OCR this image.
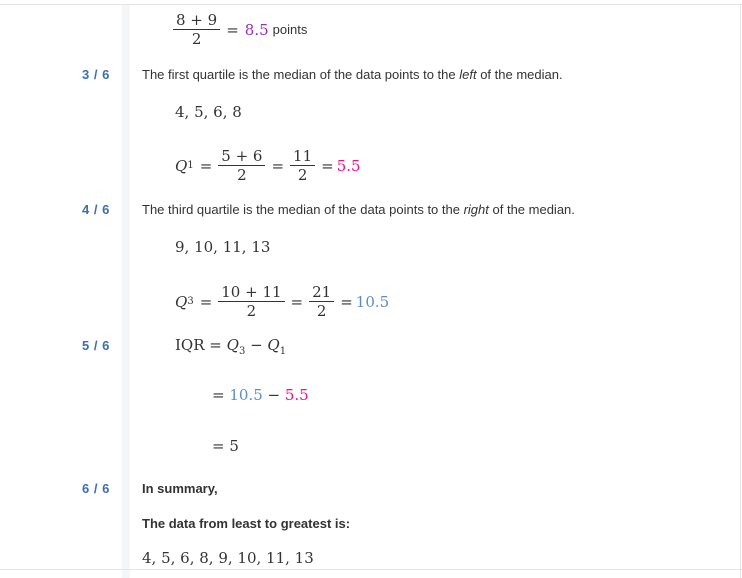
$\frac{8 + 9}{2} = 8.5$ points
3 / 6	The first quartile is the median of the data points to the left of the median.
4, 5, 6, 8
Q $1 = \frac{5 + 6}{2} = \frac{11}{2} = 5.5$
4 / 6	The third quartile is the median of the data points to the right of the median.
9, 10, 11, 13
Q $3 = \frac{10 + 11}{2} = \frac{21}{2} = 10.5$
5 / 6	IQR = $Q_3 - Q_1$
= 10.5 − 5.5
= 5
6 / 6	In summary,
The data from least to greatest is:
4, 5, 6, 8, 9, 10, 11, 13
